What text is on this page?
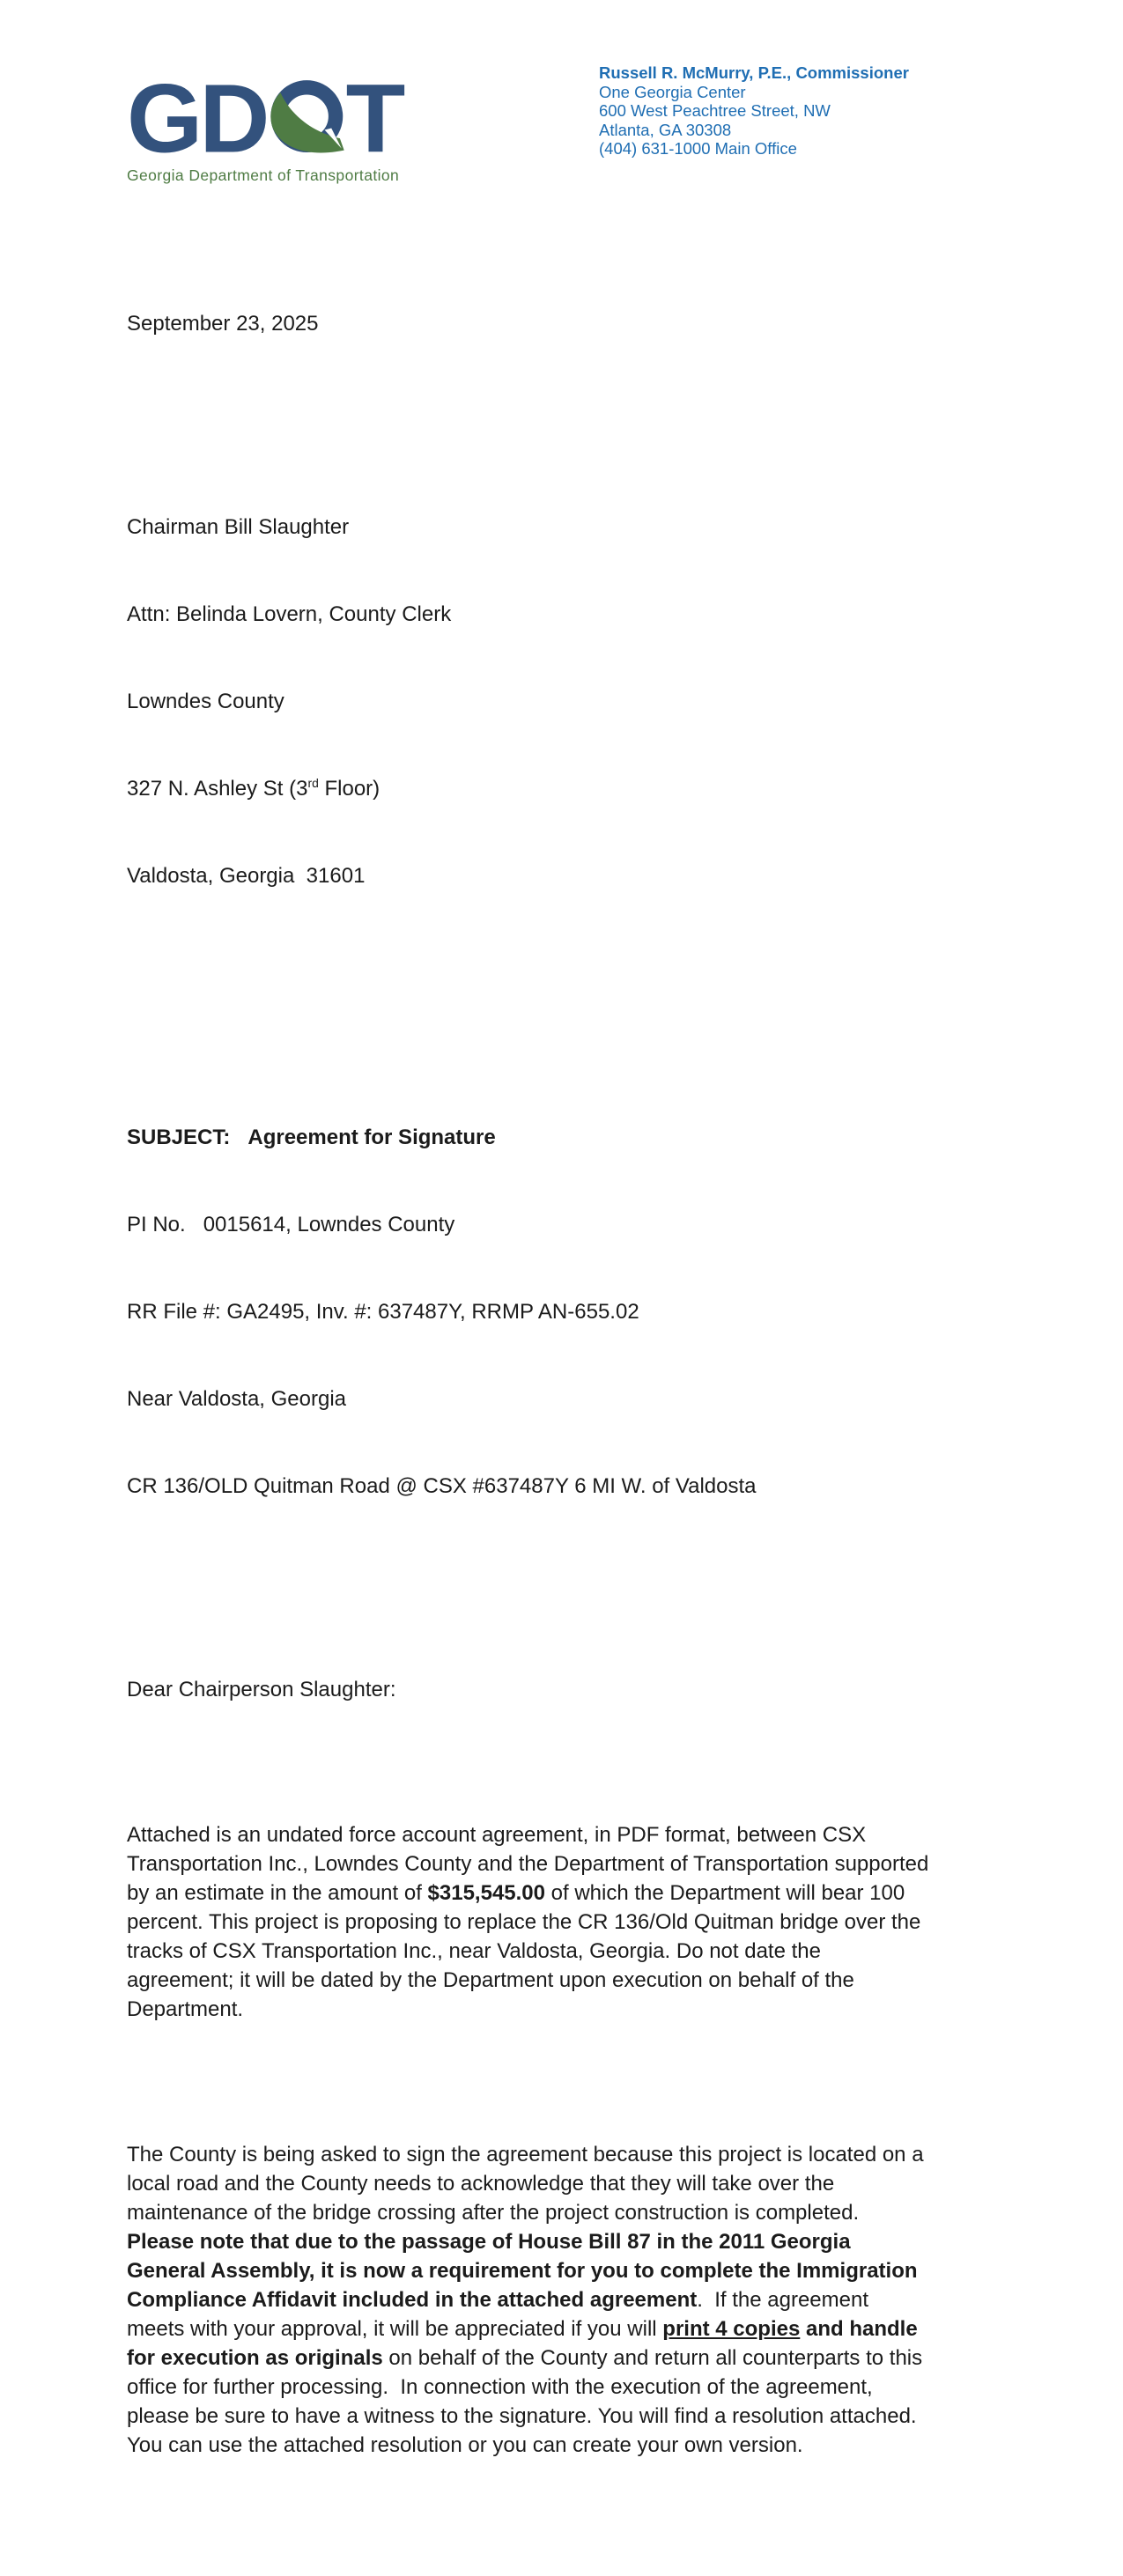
GD T
Georgia Department of Transportation
Russell R. McMurry, P.E., Commissioner
One Georgia Center
600 West Peachtree Street, NW
Atlanta, GA 30308
(404) 631-1000 Main Office

September 23, 2025

Chairman Bill Slaughter

Attn: Belinda Lovern, County Clerk

Lowndes County

327 N. Ashley St (3rd Floor)

Valdosta, Georgia  31601

SUBJECT: Agreement for Signature

PI No.   0015614, Lowndes County

RR File #: GA2495, Inv. #: 637487Y, RRMP AN-655.02

Near Valdosta, Georgia

CR 136/OLD Quitman Road @ CSX #637487Y 6 MI W. of Valdosta

Dear Chairperson Slaughter:

Attached is an undated force account agreement, in PDF format, between CSX Transportation Inc., Lowndes County and the Department of Transportation supported by an estimate in the amount of $315,545.00 of which the Department will bear 100 percent. This project is proposing to replace the CR 136/Old Quitman bridge over the tracks of CSX Transportation Inc., near Valdosta, Georgia. Do not date the agreement; it will be dated by the Department upon execution on behalf of the Department.

The County is being asked to sign the agreement because this project is located on a local road and the County needs to acknowledge that they will take over the maintenance of the bridge crossing after the project construction is completed. Please note that due to the passage of House Bill 87 in the 2011 Georgia General Assembly, it is now a requirement for you to complete the Immigration Compliance Affidavit included in the attached agreement.  If the agreement meets with your approval, it will be appreciated if you will print 4 copies and handle for execution as originals on behalf of the County and return all counterparts to this office for further processing.  In connection with the execution of the agreement, please be sure to have a witness to the signature. You will find a resolution attached.  You can use the attached resolution or you can create your own version.
